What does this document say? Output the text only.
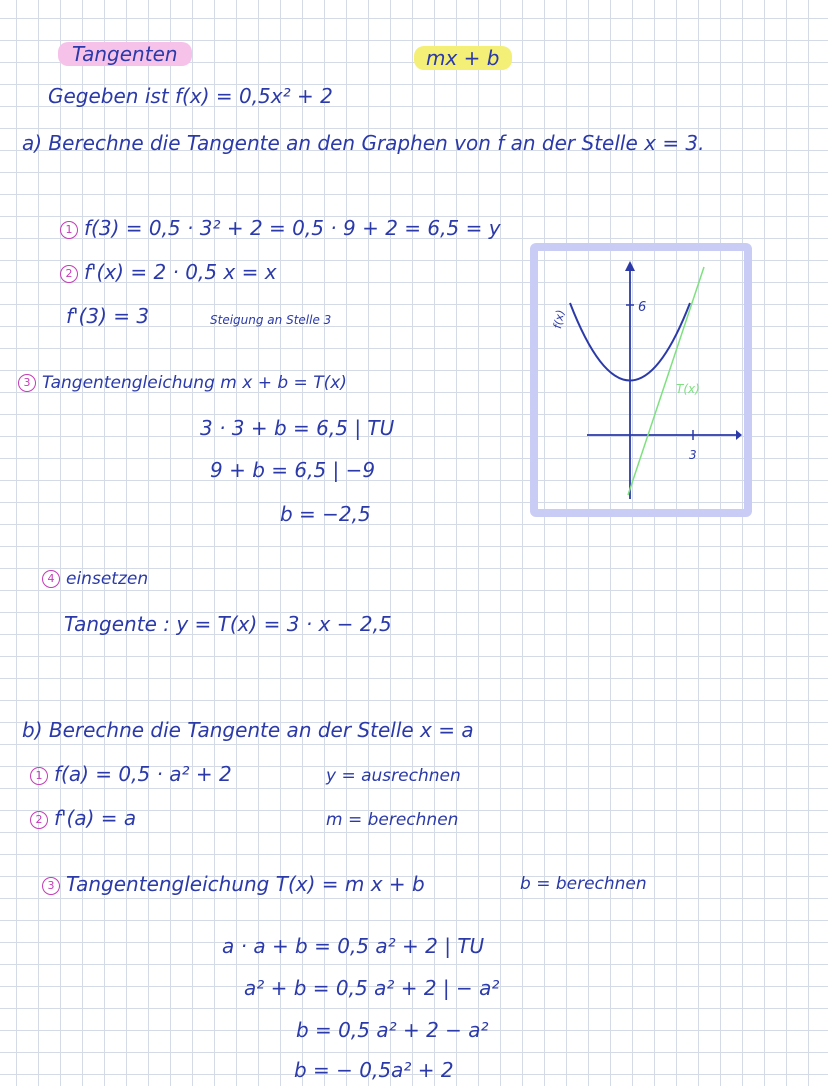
Tangenten	mx + b
Gegeben ist f(x) = 0,5x² + 2
a) Berechne die Tangente an den Graphen von f an der Stelle x = 3.
1 f(3) = 0,5 · 3² + 2 = 0,5 · 9 + 2 = 6,5 = y
2 f'(x) = 2 · 0,5 x = x
f'(3) = 3	Steigung an Stelle 3
3 Tangentengleichung m x + b = T(x)
3 · 3 + b = 6,5 | TU
9 + b = 6,5 | −9
b = −2,5
4 einsetzen
Tangente : y = T(x) = 3 · x − 2,5
6
3
f(x)
T(x)
b) Berechne die Tangente an der Stelle x = a
1 f(a) = 0,5 · a² + 2	y = ausrechnen
2 f'(a) = a	m = berechnen
3 Tangentengleichung T(x) = m x + b	b = berechnen
a · a + b = 0,5 a² + 2 | TU
a² + b = 0,5 a² + 2 | − a²
b = 0,5 a² + 2 − a²
b = − 0,5a² + 2
